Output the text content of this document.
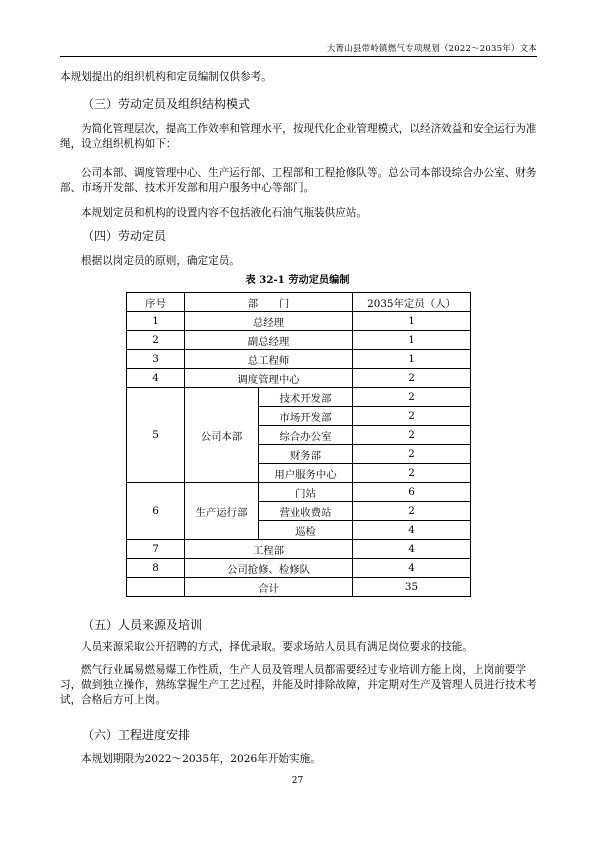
大箐山县带岭镇燃气专项规划（2022～2035年）文本

本规划提出的组织机构和定员编制仅供参考。

（三）劳动定员及组织结构模式

为简化管理层次，提高工作效率和管理水平，按现代化企业管理模式，以经济效益和安全运行为准绳，设立组织机构如下：

公司本部、调度管理中心、生产运行部、工程部和工程抢修队等。总公司本部设综合办公室、财务部、市场开发部、技术开发部和用户服务中心等部门。

本规划定员和机构的设置内容不包括液化石油气瓶装供应站。

（四）劳动定员

根据以岗定员的原则，确定定员。

表 32-1 劳动定员编制
序号	部　　门		2035年定员（人）
1	总经理		1
2	副总经理		1
3	总工程师		1
4	调度管理中心		2
5	公司本部	技术开发部	2
		市场开发部	2
		综合办公室	2
		财务部	2
		用户服务中心	2
6	生产运行部	门站	6
		营业收费站	2
		巡检	4
7	工程部		4
8	公司抢修、检修队		4
	合计		35

（五）人员来源及培训

人员来源采取公开招聘的方式，择优录取。要求场站人员具有满足岗位要求的技能。

燃气行业属易燃易爆工作性质，生产人员及管理人员都需要经过专业培训方能上岗，上岗前要学习，做到独立操作，熟练掌握生产工艺过程，并能及时排除故障，并定期对生产及管理人员进行技术考试，合格后方可上岗。

（六）工程进度安排

本规划期限为2022～2035年，2026年开始实施。

27
